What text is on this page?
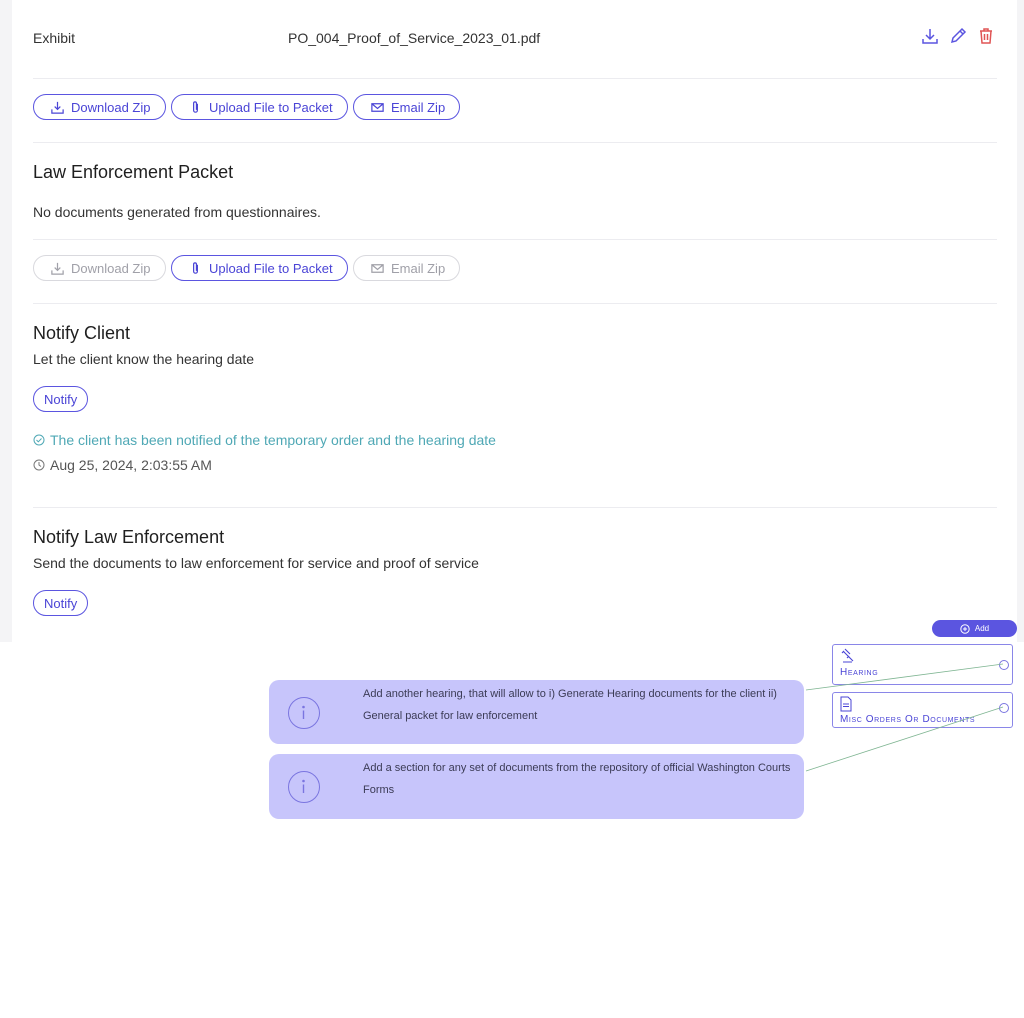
Exhibit	PO_004_Proof_of_Service_2023_01.pdf
Download Zip	Upload File to Packet	Email Zip
Law Enforcement Packet
No documents generated from questionnaires.
Download Zip	Upload File to Packet	Email Zip
Notify Client
Let the client know the hearing date
Notify
The client has been notified of the temporary order and the hearing date
Aug 25, 2024, 2:03:55 AM
Notify Law Enforcement
Send the documents to law enforcement for service and proof of service
Notify
Add
Hearing
Misc Orders Or Documents
Add another hearing, that will allow to i) Generate Hearing documents for the client ii) General packet for law enforcement
Add a section for any set of documents from the repository of official Washington Courts Forms
